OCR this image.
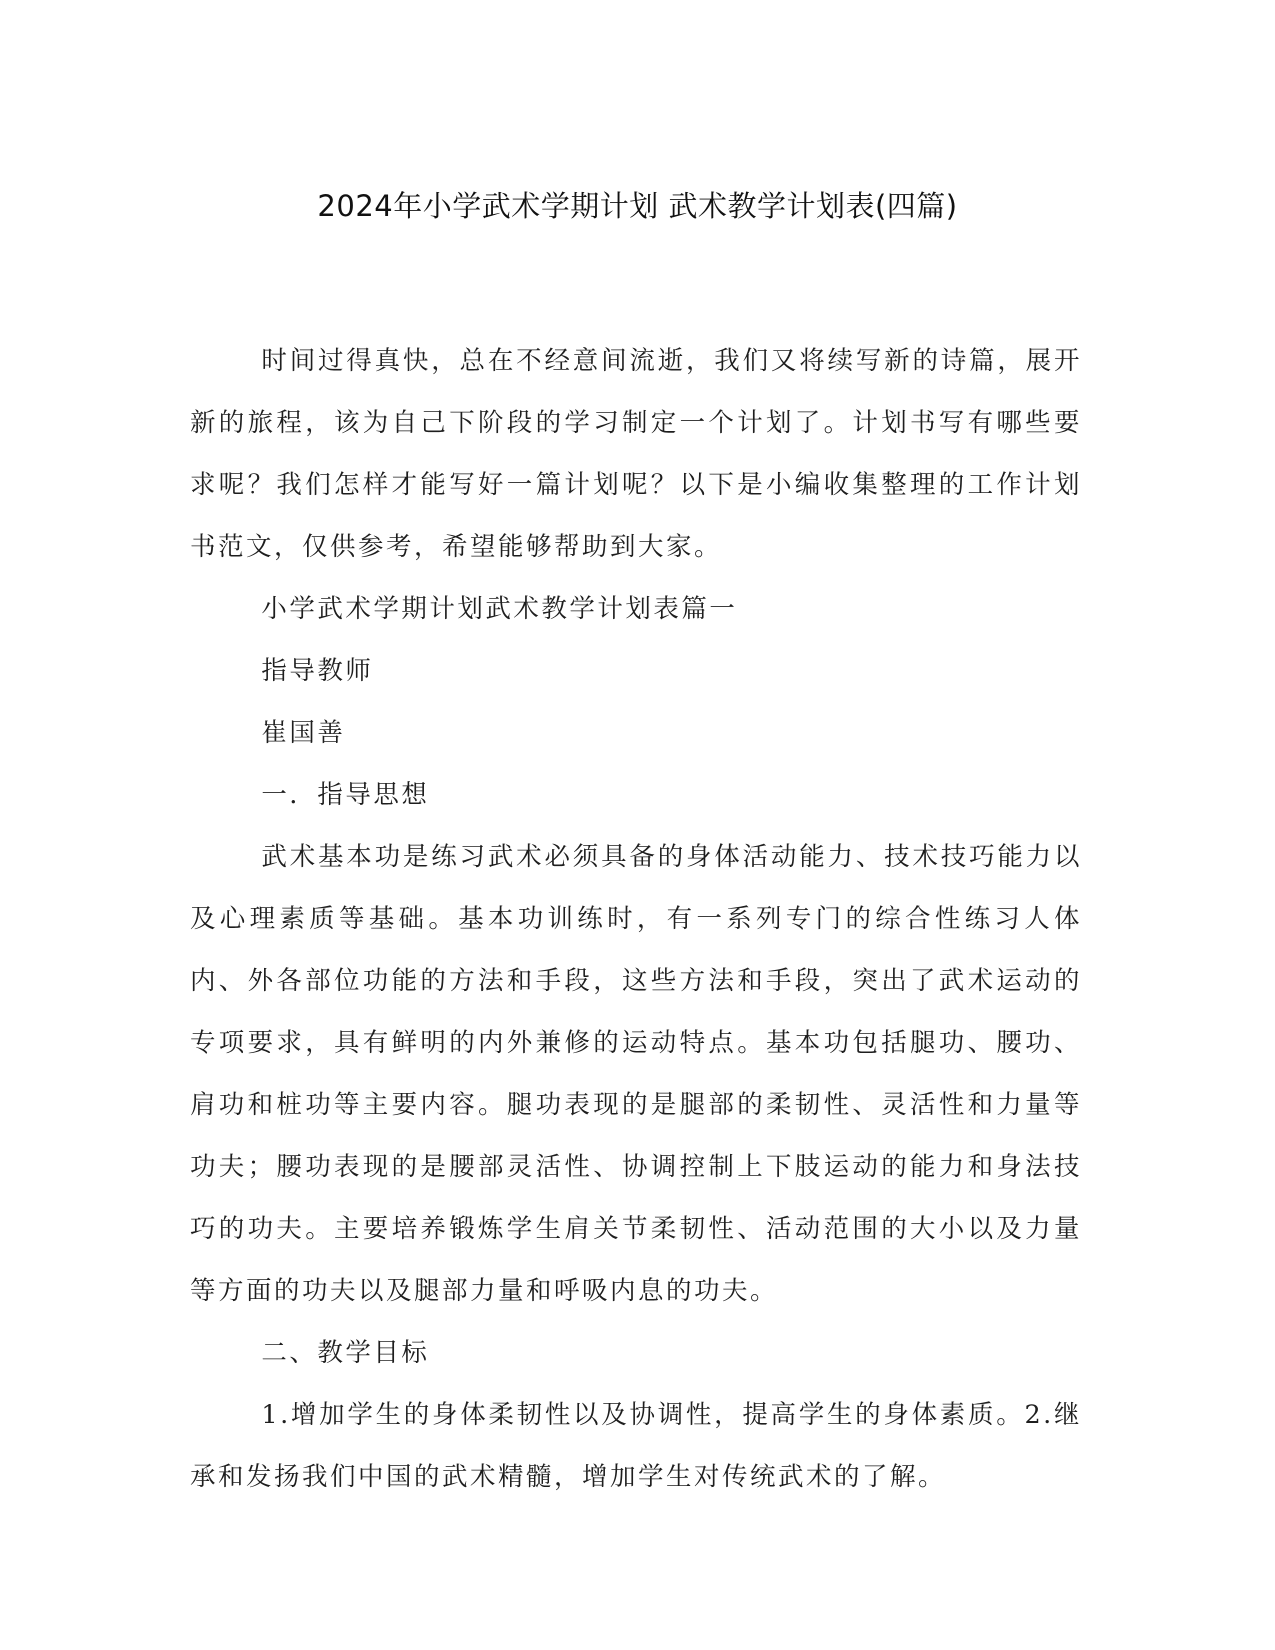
2024年小学武术学期计划 武术教学计划表(四篇)

时间过得真快，总在不经意间流逝，我们又将续写新的诗篇，展开新的旅程，该为自己下阶段的学习制定一个计划了。计划书写有哪些要求呢？我们怎样才能写好一篇计划呢？以下是小编收集整理的工作计划书范文，仅供参考，希望能够帮助到大家。

小学武术学期计划武术教学计划表篇一

指导教师

崔国善

一．指导思想

武术基本功是练习武术必须具备的身体活动能力、技术技巧能力以及心理素质等基础。基本功训练时，有一系列专门的综合性练习人体内、外各部位功能的方法和手段，这些方法和手段，突出了武术运动的专项要求，具有鲜明的内外兼修的运动特点。基本功包括腿功、腰功、肩功和桩功等主要内容。腿功表现的是腿部的柔韧性、灵活性和力量等功夫；腰功表现的是腰部灵活性、协调控制上下肢运动的能力和身法技巧的功夫。主要培养锻炼学生肩关节柔韧性、活动范围的大小以及力量等方面的功夫以及腿部力量和呼吸内息的功夫。

二、教学目标

1.增加学生的身体柔韧性以及协调性，提高学生的身体素质。2.继承和发扬我们中国的武术精髓，增加学生对传统武术的了解。
